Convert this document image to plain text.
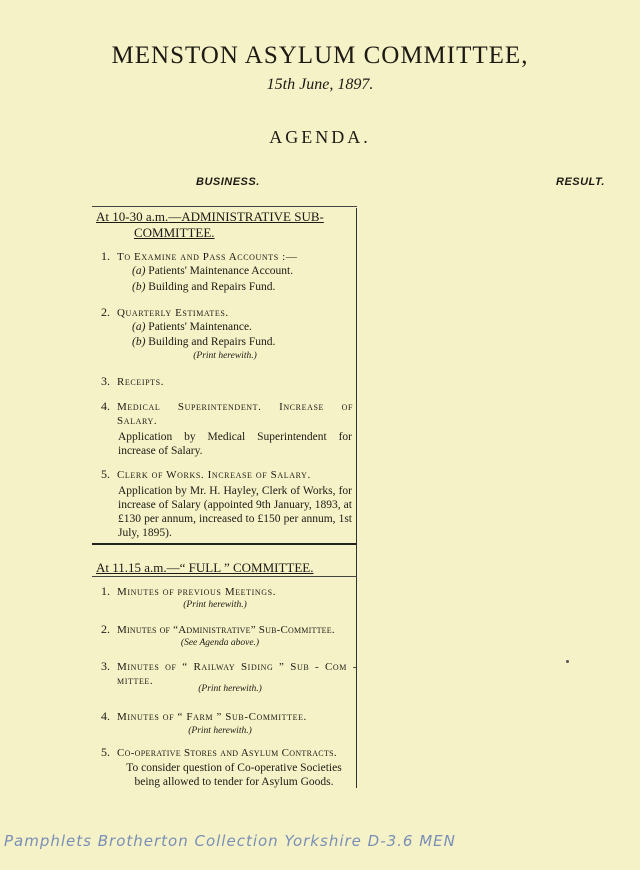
MENSTON ASYLUM COMMITTEE,
15th June, 1897.
AGENDA.
BUSINESS.	RESULT.
At 10-30 a.m.—ADMINISTRATIVE SUB-
COMMITTEE.
1. To Examine and Pass Accounts :—
(a) Patients' Maintenance Account.
(b) Building and Repairs Fund.
2. Quarterly Estimates.
(a) Patients' Maintenance.
(b) Building and Repairs Fund.
(Print herewith.)
3. Receipts.
4. Medical Superintendent. Increase of Salary.
Application by Medical Superintendent for increase of Salary.
5. Clerk of Works. Increase of Salary.
Application by Mr. H. Hayley, Clerk of Works, for increase of Salary (appointed 9th January, 1893, at £130 per annum, increased to £150 per annum, 1st July, 1895).
At 11.15 a.m.—“ FULL ” COMMITTEE.
1. Minutes of previous Meetings.
(Print herewith.)
2. Minutes of “Administrative” Sub-Committee.
(See Agenda above.)
3. Minutes of “ Railway Siding ” Sub - Com - mittee.
(Print herewith.)
4. Minutes of “ Farm ” Sub-Committee.
(Print herewith.)
5. Co-operative Stores and Asylum Contracts.
To consider question of Co-operative Societies being allowed to tender for Asylum Goods.
Pamphlets Brotherton Collection Yorkshire D-3.6 MEN
